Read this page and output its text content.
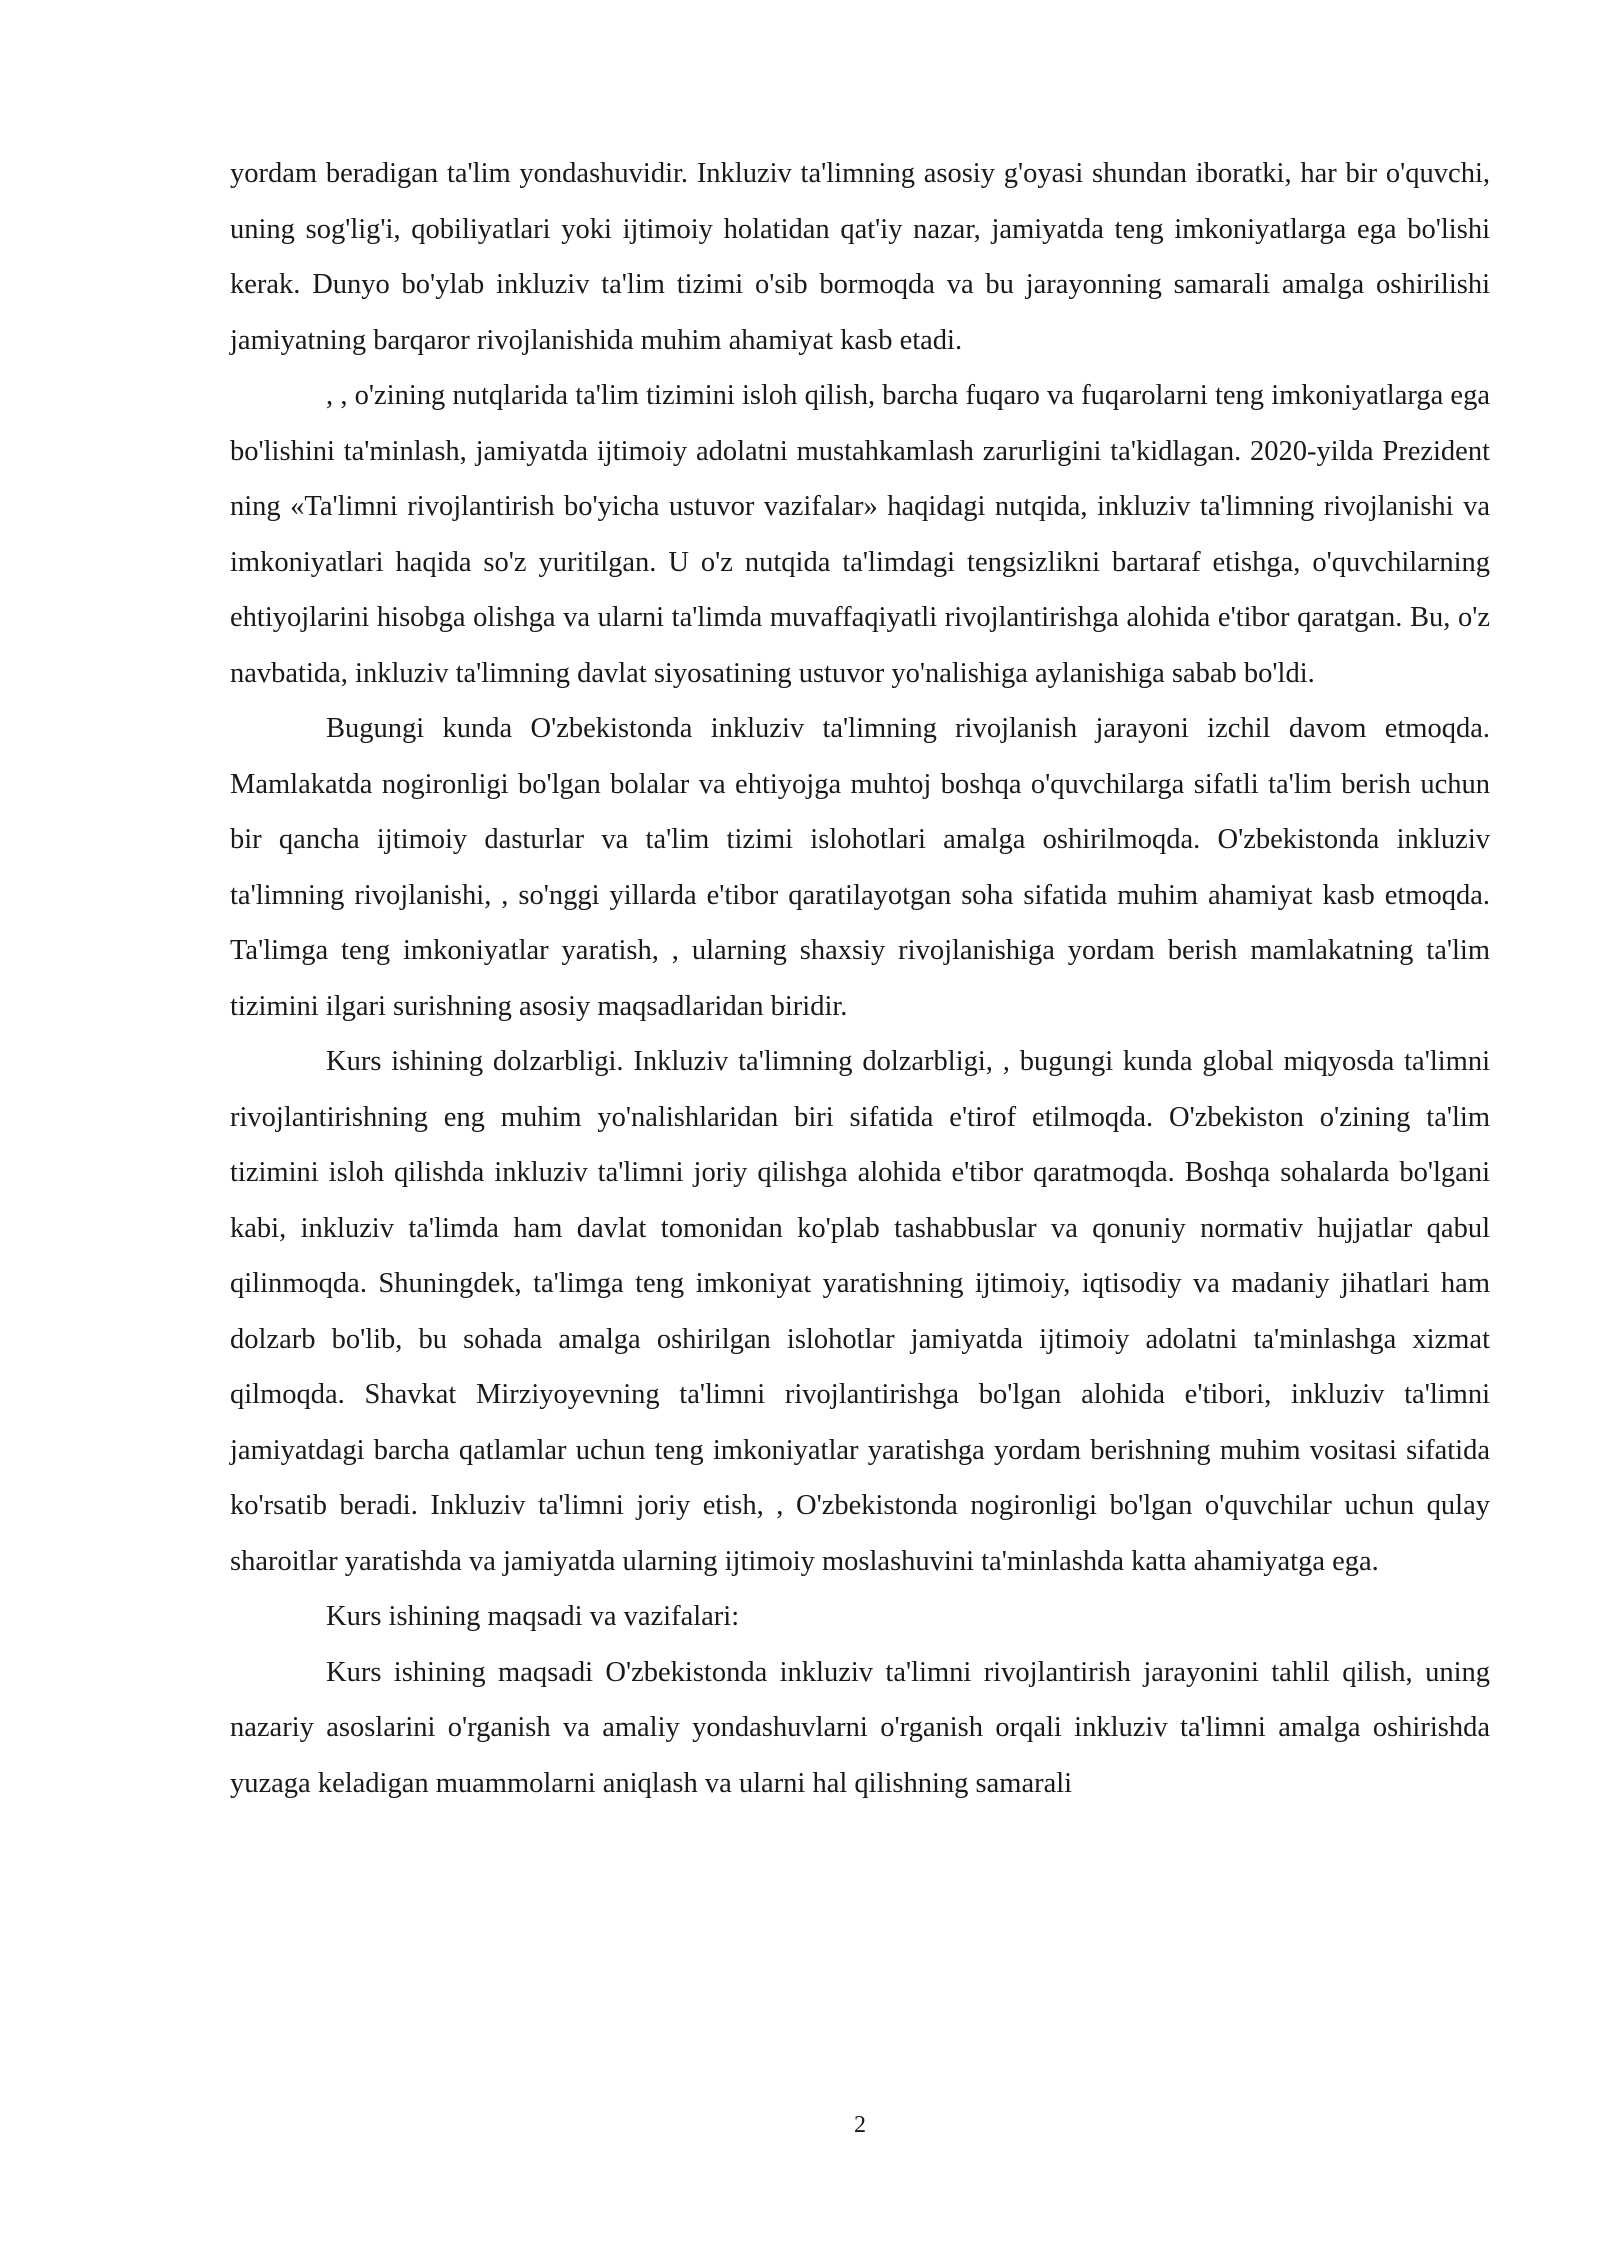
yordam beradigan ta'lim yondashuvidir. Inkluziv ta'limning asosiy g'oyasi shundan iboratki, har bir o'quvchi, uning sog'lig'i, qobiliyatlari yoki ijtimoiy holatidan qat'iy nazar, jamiyatda teng imkoniyatlarga ega bo'lishi kerak. Dunyo bo'ylab inkluziv ta'lim tizimi o'sib bormoqda va bu jarayonning samarali amalga oshirilishi jamiyatning barqaror rivojlanishida muhim ahamiyat kasb etadi.

, , o'zining nutqlarida ta'lim tizimini isloh qilish, barcha fuqaro va fuqarolarni teng imkoniyatlarga ega bo'lishini ta'minlash, jamiyatda ijtimoiy adolatni mustahkamlash zarurligini ta'kidlagan. 2020-yilda Prezident ning «Ta'limni rivojlantirish bo'yicha ustuvor vazifalar» haqidagi nutqida, inkluziv ta'limning rivojlanishi va imkoniyatlari haqida so'z yuritilgan. U o'z nutqida ta'limdagi tengsizlikni bartaraf etishga, o'quvchilarning ehtiyojlarini hisobga olishga va ularni ta'limda muvaffaqiyatli rivojlantirishga alohida e'tibor qaratgan. Bu, o'z navbatida, inkluziv ta'limning davlat siyosatining ustuvor yo'nalishiga aylanishiga sabab bo'ldi.

Bugungi kunda O'zbekistonda inkluziv ta'limning rivojlanish jarayoni izchil davom etmoqda. Mamlakatda nogironligi bo'lgan bolalar va ehtiyojga muhtoj boshqa o'quvchilarga sifatli ta'lim berish uchun bir qancha ijtimoiy dasturlar va ta'lim tizimi islohotlari amalga oshirilmoqda. O'zbekistonda inkluziv ta'limning rivojlanishi, , so'nggi yillarda e'tibor qaratilayotgan soha sifatida muhim ahamiyat kasb etmoqda. Ta'limga teng imkoniyatlar yaratish, , ularning shaxsiy rivojlanishiga yordam berish mamlakatning ta'lim tizimini ilgari surishning asosiy maqsadlaridan biridir.

Kurs ishining dolzarbligi. Inkluziv ta'limning dolzarbligi, , bugungi kunda global miqyosda ta'limni rivojlantirishning eng muhim yo'nalishlaridan biri sifatida e'tirof etilmoqda. O'zbekiston o'zining ta'lim tizimini isloh qilishda inkluziv ta'limni joriy qilishga alohida e'tibor qaratmoqda. Boshqa sohalarda bo'lgani kabi, inkluziv ta'limda ham davlat tomonidan ko'plab tashabbuslar va qonuniy normativ hujjatlar qabul qilinmoqda. Shuningdek, ta'limga teng imkoniyat yaratishning ijtimoiy, iqtisodiy va madaniy jihatlari ham dolzarb bo'lib, bu sohada amalga oshirilgan islohotlar jamiyatda ijtimoiy adolatni ta'minlashga xizmat qilmoqda. Shavkat Mirziyoyevning ta'limni rivojlantirishga bo'lgan alohida e'tibori, inkluziv ta'limni jamiyatdagi barcha qatlamlar uchun teng imkoniyatlar yaratishga yordam berishning muhim vositasi sifatida ko'rsatib beradi. Inkluziv ta'limni joriy etish, , O'zbekistonda nogironligi bo'lgan o'quvchilar uchun qulay sharoitlar yaratishda va jamiyatda ularning ijtimoiy moslashuvini ta'minlashda katta ahamiyatga ega.

Kurs ishining maqsadi va vazifalari:

Kurs ishining maqsadi O'zbekistonda inkluziv ta'limni rivojlantirish jarayonini tahlil qilish, uning nazariy asoslarini o'rganish va amaliy yondashuvlarni o'rganish orqali inkluziv ta'limni amalga oshirishda yuzaga keladigan muammolarni aniqlash va ularni hal qilishning samarali

2
